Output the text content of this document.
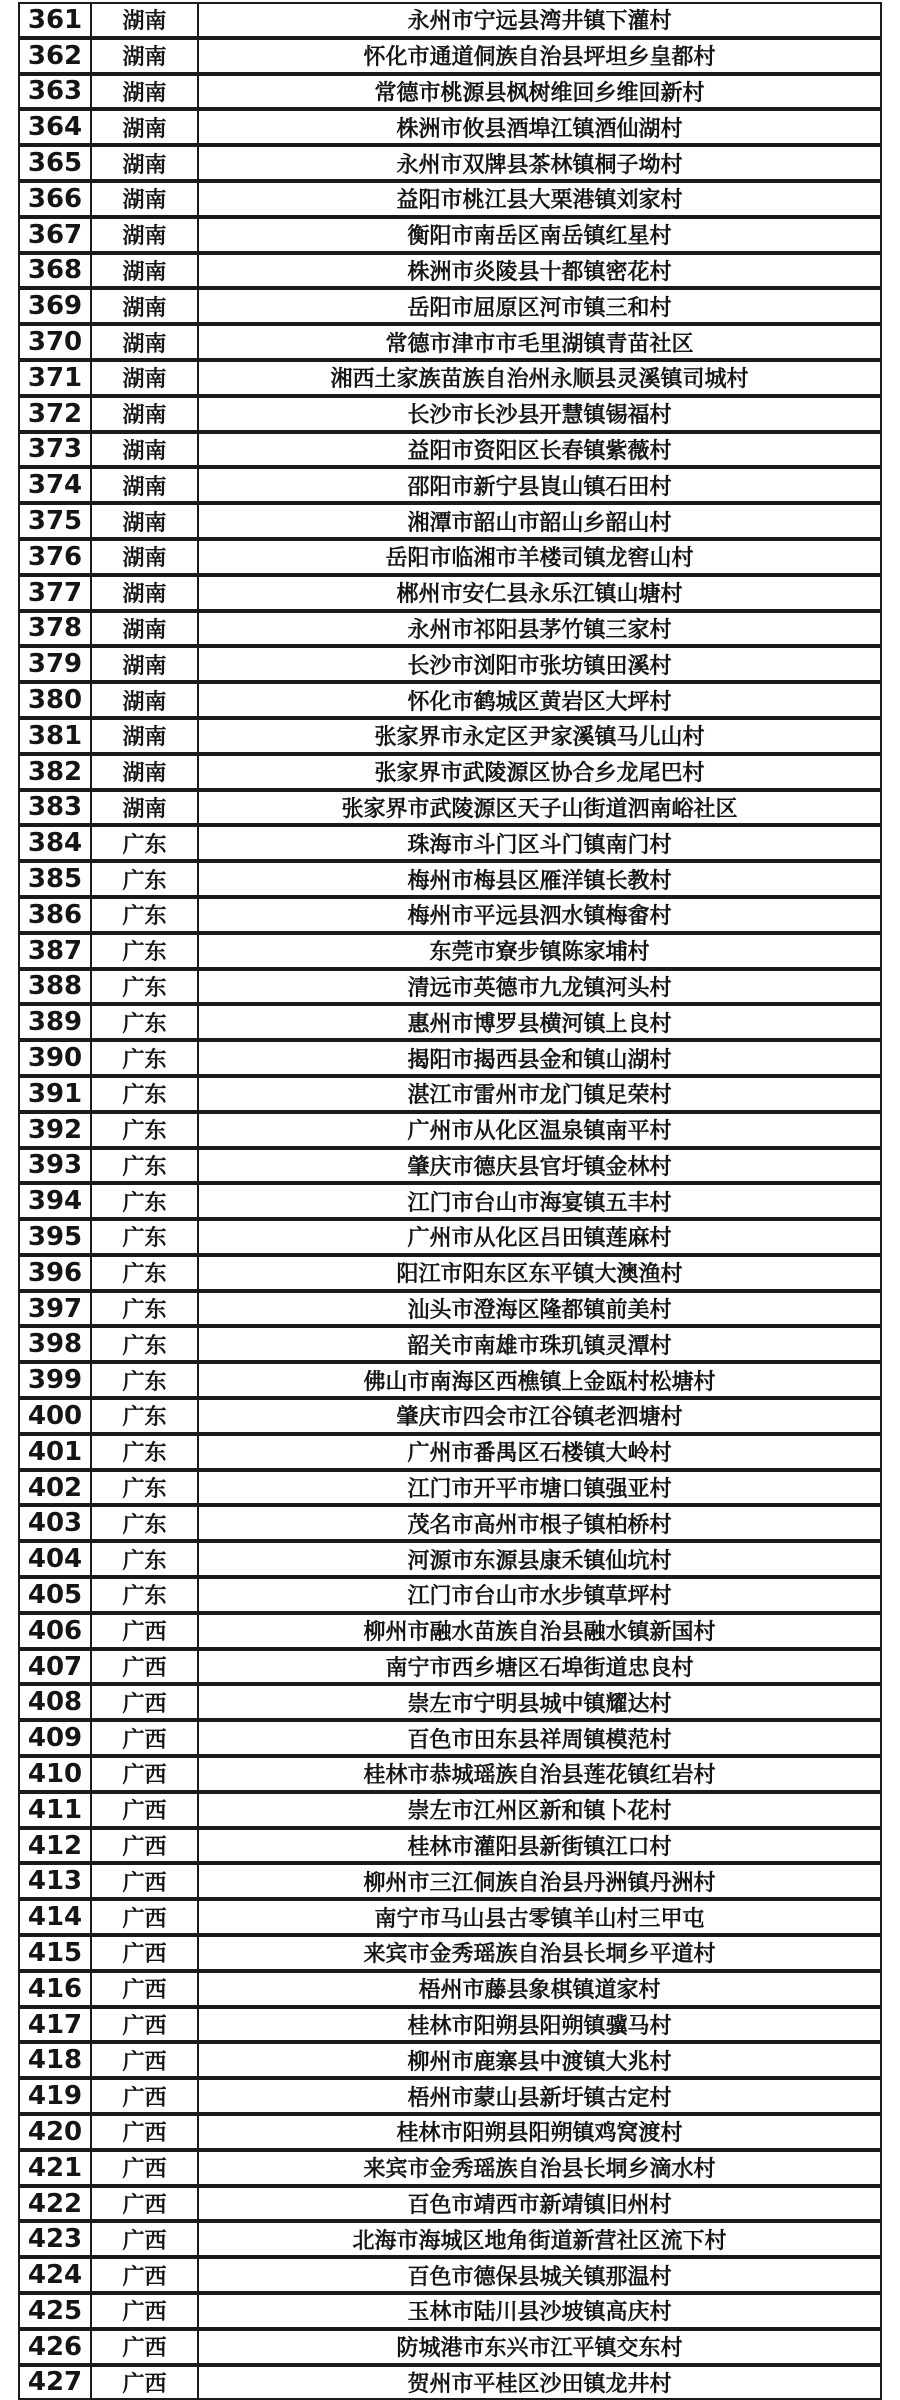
361	湖南	永州市宁远县湾井镇下灌村
362	湖南	怀化市通道侗族自治县坪坦乡皇都村
363	湖南	常德市桃源县枫树维回乡维回新村
364	湖南	株洲市攸县酒埠江镇酒仙湖村
365	湖南	永州市双牌县茶林镇桐子坳村
366	湖南	益阳市桃江县大栗港镇刘家村
367	湖南	衡阳市南岳区南岳镇红星村
368	湖南	株洲市炎陵县十都镇密花村
369	湖南	岳阳市屈原区河市镇三和村
370	湖南	常德市津市市毛里湖镇青苗社区
371	湖南	湘西土家族苗族自治州永顺县灵溪镇司城村
372	湖南	长沙市长沙县开慧镇锡福村
373	湖南	益阳市资阳区长春镇紫薇村
374	湖南	邵阳市新宁县崀山镇石田村
375	湖南	湘潭市韶山市韶山乡韶山村
376	湖南	岳阳市临湘市羊楼司镇龙窖山村
377	湖南	郴州市安仁县永乐江镇山塘村
378	湖南	永州市祁阳县茅竹镇三家村
379	湖南	长沙市浏阳市张坊镇田溪村
380	湖南	怀化市鹤城区黄岩区大坪村
381	湖南	张家界市永定区尹家溪镇马儿山村
382	湖南	张家界市武陵源区协合乡龙尾巴村
383	湖南	张家界市武陵源区天子山街道泗南峪社区
384	广东	珠海市斗门区斗门镇南门村
385	广东	梅州市梅县区雁洋镇长教村
386	广东	梅州市平远县泗水镇梅畲村
387	广东	东莞市寮步镇陈家埔村
388	广东	清远市英德市九龙镇河头村
389	广东	惠州市博罗县横河镇上良村
390	广东	揭阳市揭西县金和镇山湖村
391	广东	湛江市雷州市龙门镇足荣村
392	广东	广州市从化区温泉镇南平村
393	广东	肇庆市德庆县官圩镇金林村
394	广东	江门市台山市海宴镇五丰村
395	广东	广州市从化区吕田镇莲麻村
396	广东	阳江市阳东区东平镇大澳渔村
397	广东	汕头市澄海区隆都镇前美村
398	广东	韶关市南雄市珠玑镇灵潭村
399	广东	佛山市南海区西樵镇上金瓯村松塘村
400	广东	肇庆市四会市江谷镇老泗塘村
401	广东	广州市番禺区石楼镇大岭村
402	广东	江门市开平市塘口镇强亚村
403	广东	茂名市高州市根子镇柏桥村
404	广东	河源市东源县康禾镇仙坑村
405	广东	江门市台山市水步镇草坪村
406	广西	柳州市融水苗族自治县融水镇新国村
407	广西	南宁市西乡塘区石埠街道忠良村
408	广西	崇左市宁明县城中镇耀达村
409	广西	百色市田东县祥周镇模范村
410	广西	桂林市恭城瑶族自治县莲花镇红岩村
411	广西	崇左市江州区新和镇卜花村
412	广西	桂林市灌阳县新街镇江口村
413	广西	柳州市三江侗族自治县丹洲镇丹洲村
414	广西	南宁市马山县古零镇羊山村三甲屯
415	广西	来宾市金秀瑶族自治县长垌乡平道村
416	广西	梧州市藤县象棋镇道家村
417	广西	桂林市阳朔县阳朔镇骥马村
418	广西	柳州市鹿寨县中渡镇大兆村
419	广西	梧州市蒙山县新圩镇古定村
420	广西	桂林市阳朔县阳朔镇鸡窝渡村
421	广西	来宾市金秀瑶族自治县长垌乡滴水村
422	广西	百色市靖西市新靖镇旧州村
423	广西	北海市海城区地角街道新营社区流下村
424	广西	百色市德保县城关镇那温村
425	广西	玉林市陆川县沙坡镇高庆村
426	广西	防城港市东兴市江平镇交东村
427	广西	贺州市平桂区沙田镇龙井村
